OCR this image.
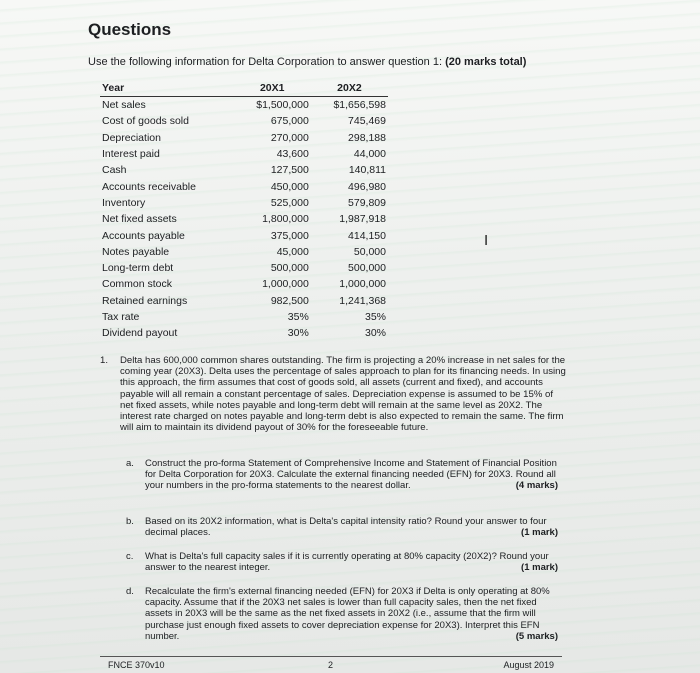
Questions
Use the following information for Delta Corporation to answer question 1: (20 marks total)
Year	20X1	20X2
Net sales	$1,500,000	$1,656,598
Cost of goods sold	675,000	745,469
Depreciation	270,000	298,188
Interest paid	43,600	44,000
Cash	127,500	140,811
Accounts receivable	450,000	496,980
Inventory	525,000	579,809
Net fixed assets	1,800,000	1,987,918
Accounts payable	375,000	414,150
Notes payable	45,000	50,000
Long-term debt	500,000	500,000
Common stock	1,000,000	1,000,000
Retained earnings	982,500	1,241,368
Tax rate	35%	35%
Dividend payout	30%	30%
I
1. Delta has 600,000 common shares outstanding. The firm is projecting a 20% increase in net sales for the coming year (20X3). Delta uses the percentage of sales approach to plan for its financing needs. In using this approach, the firm assumes that cost of goods sold, all assets (current and fixed), and accounts payable will all remain a constant percentage of sales. Depreciation expense is assumed to be 15% of net fixed assets, while notes payable and long-term debt will remain at the same level as 20X2. The interest rate charged on notes payable and long-term debt is also expected to remain the same. The firm will aim to maintain its dividend payout of 30% for the foreseeable future.
a. Construct the pro-forma Statement of Comprehensive Income and Statement of Financial Position for Delta Corporation for 20X3. Calculate the external financing needed (EFN) for 20X3. Round all your numbers in the pro-forma statements to the nearest dollar.	(4 marks)
b. Based on its 20X2 information, what is Delta's capital intensity ratio? Round your answer to four decimal places.	(1 mark)
c. What is Delta's full capacity sales if it is currently operating at 80% capacity (20X2)? Round your answer to the nearest integer.	(1 mark)
d. Recalculate the firm's external financing needed (EFN) for 20X3 if Delta is only operating at 80% capacity. Assume that if the 20X3 net sales is lower than full capacity sales, then the net fixed assets in 20X3 will be the same as the net fixed assets in 20X2 (i.e., assume that the firm will purchase just enough fixed assets to cover depreciation expense for 20X3). Interpret this EFN number.	(5 marks)
FNCE 370v10	2	August 2019
